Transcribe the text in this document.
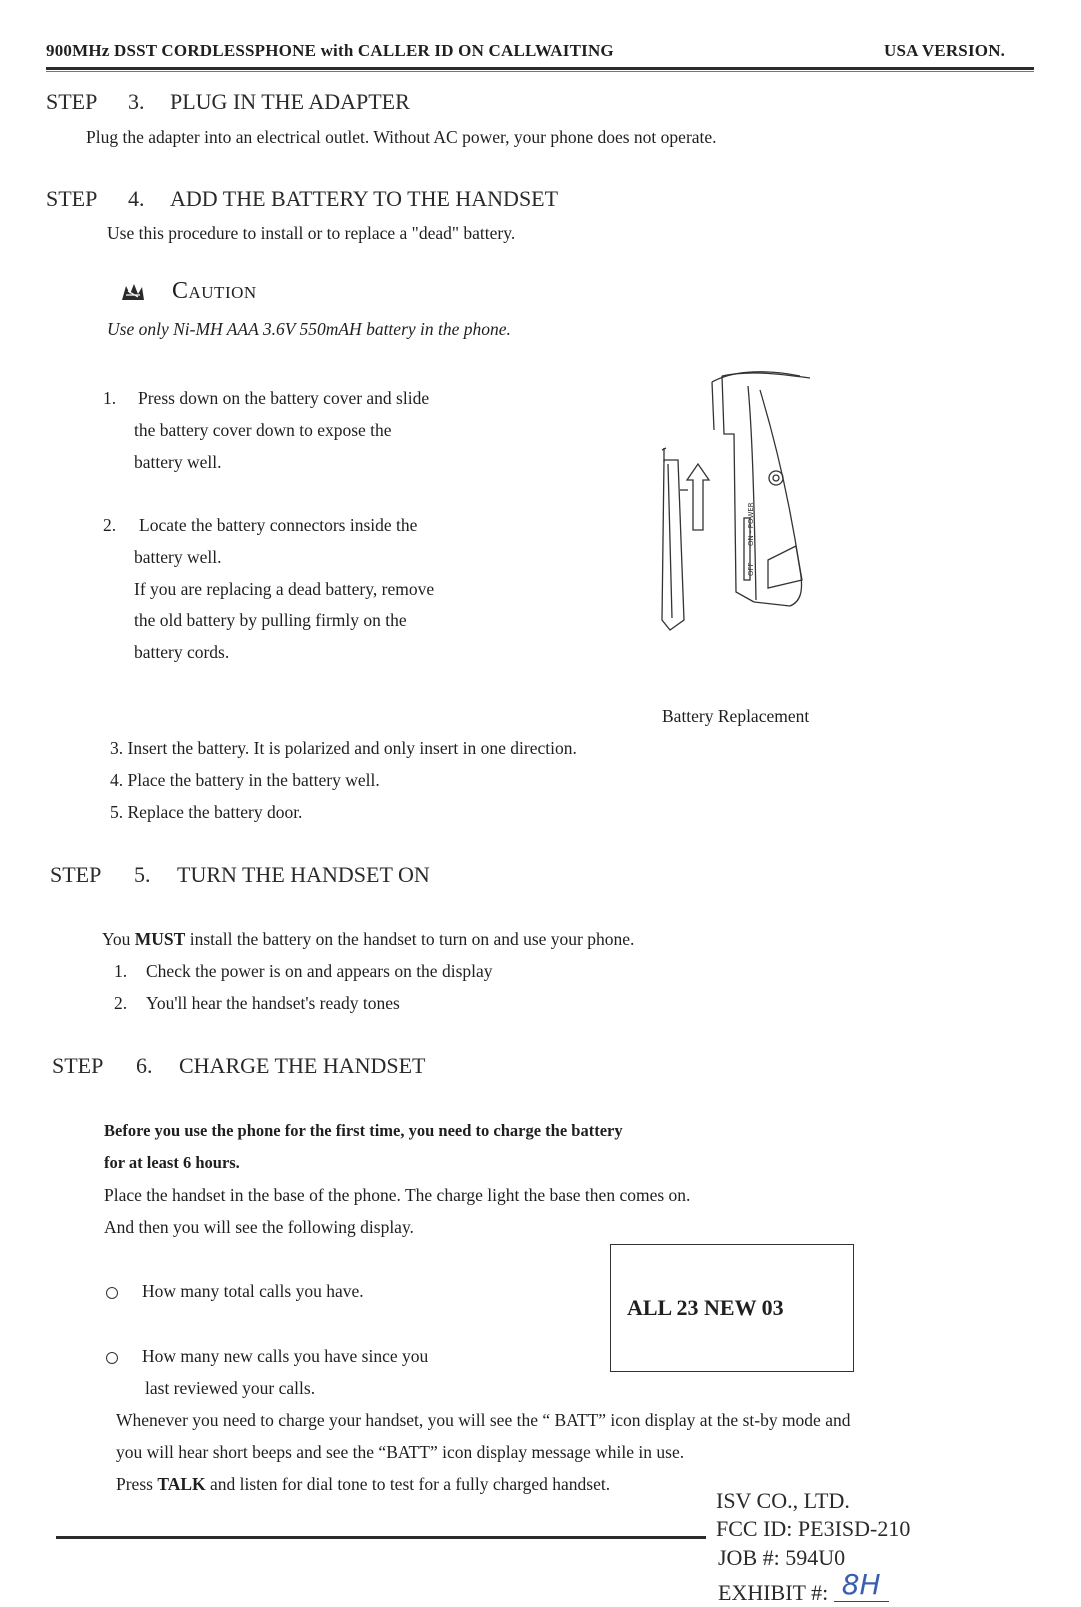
900MHz DSST CORDLESSPHONE with CALLER ID ON CALLWAITING	USA VERSION.
STEP 3. PLUG IN THE ADAPTER
Plug the adapter into an electrical outlet. Without AC power, your phone does not operate.
STEP 4. ADD THE BATTERY TO THE HANDSET
Use this procedure to install or to replace a "dead" battery.
Caution
Use only Ni-MH AAA 3.6V 550mAH battery in the phone.
1. Press down on the battery cover and slide
the battery cover down to expose the
battery well.
2. Locate the battery connectors inside the
battery well.
If you are replacing a dead battery, remove
the old battery by pulling firmly on the
battery cords.
ON - POWER
OFF
Battery Replacement
3. Insert the battery. It is polarized and only insert in one direction.
4. Place the battery in the battery well.
5. Replace the battery door.
STEP 5. TURN THE HANDSET ON
You MUST install the battery on the handset to turn on and use your phone.
1. Check the power is on and appears on the display
2. You'll hear the handset's ready tones
STEP 6. CHARGE THE HANDSET
Before you use the phone for the first time, you need to charge the battery
for at least 6 hours.
Place the handset in the base of the phone. The charge light the base then comes on.
And then you will see the following display.
ALL 23 NEW 03
How many total calls you have.
How many new calls you have since you
last reviewed your calls.
Whenever you need to charge your handset, you will see the “ BATT” icon display at the st-by mode and
you will hear short beeps and see the “BATT” icon display message while in use.
Press TALK and listen for dial tone to test for a fully charged handset.
ISV CO., LTD.
FCC ID: PE3ISD-210
JOB #: 594U0
EXHIBIT #: 8H
